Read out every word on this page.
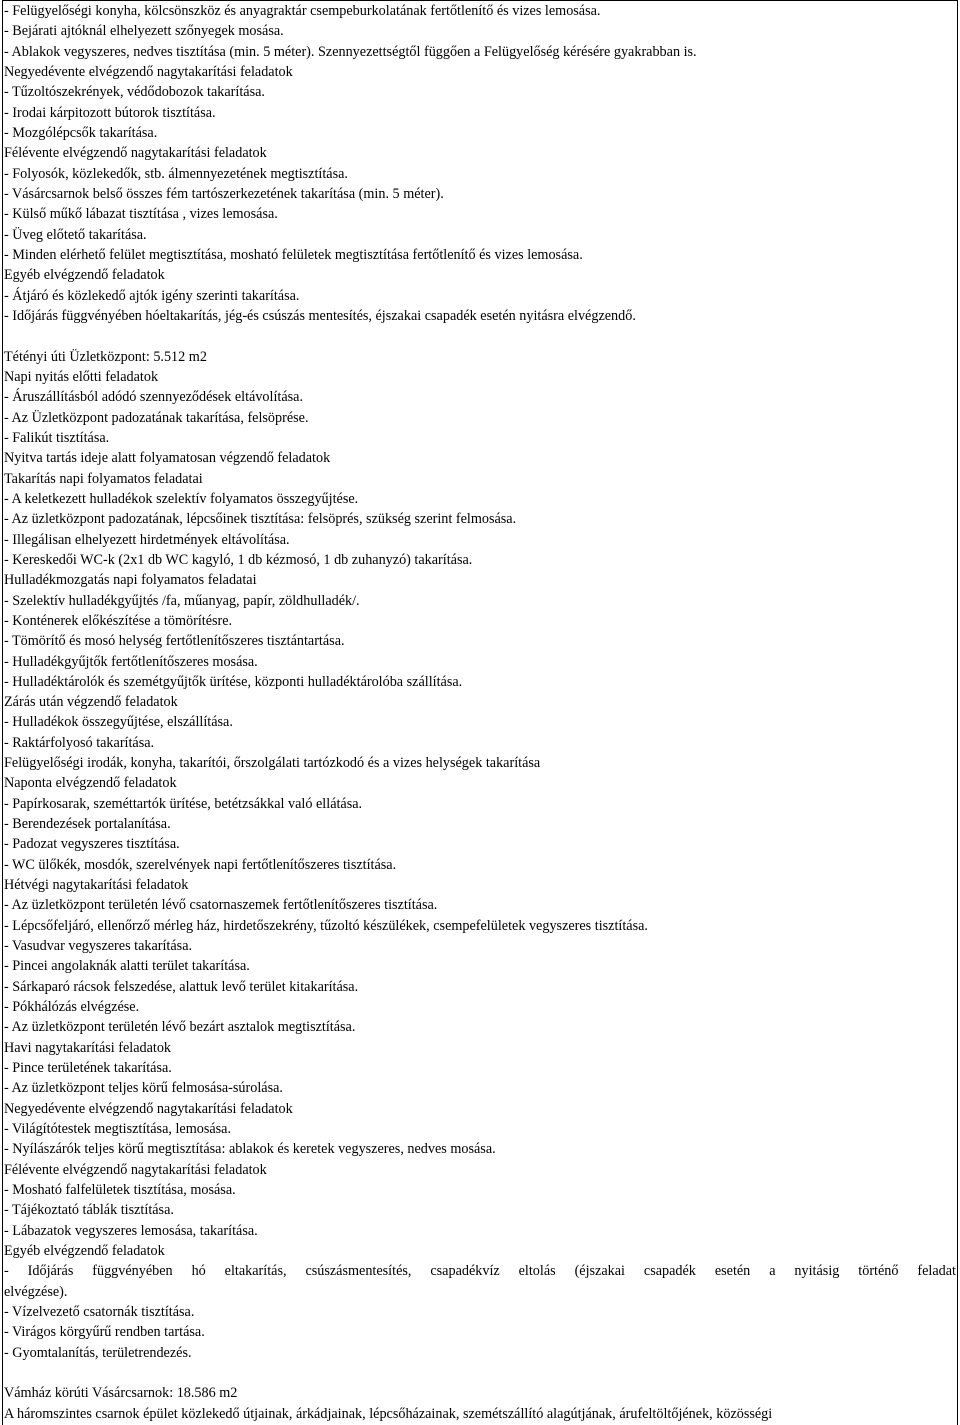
- Felügyelőségi konyha, kölcsönszköz és anyagraktár csempeburkolatának fertőtlenítő és vizes lemosása.
- Bejárati ajtóknál elhelyezett szőnyegek mosása.
- Ablakok vegyszeres, nedves tisztítása (min. 5 méter). Szennyezettségtől függően a Felügyelőség kérésére gyakrabban is.
Negyedévente elvégzendő nagytakarítási feladatok
- Tűzoltószekrények, védődobozok takarítása.
- Irodai kárpitozott bútorok tisztítása.
- Mozgólépcsők takarítása.
Félévente elvégzendő nagytakarítási feladatok
- Folyosók, közlekedők, stb. álmennyezetének megtisztítása.
- Vásárcsarnok belső összes fém tartószerkezetének takarítása (min. 5 méter).
- Külső műkő lábazat tisztítása , vizes lemosása.
- Üveg előtető takarítása.
- Minden elérhető felület megtisztítása, mosható felületek megtisztítása fertőtlenítő és vizes lemosása.
Egyéb elvégzendő feladatok
- Átjáró és közlekedő ajtók igény szerinti takarítása.
- Időjárás függvényében hóeltakarítás, jég-és csúszás mentesítés, éjszakai csapadék esetén nyitásra elvégzendő.
Tétényi úti Üzletközpont: 5.512 m2
Napi nyitás előtti feladatok
- Áruszállításból adódó szennyeződések eltávolítása.
- Az Üzletközpont padozatának takarítása, felsöprése.
- Falikút tisztítása.
Nyitva tartás ideje alatt folyamatosan végzendő feladatok
Takarítás napi folyamatos feladatai
- A keletkezett hulladékok szelektív folyamatos összegyűjtése.
- Az üzletközpont padozatának, lépcsőinek tisztítása: felsöprés, szükség szerint felmosása.
- Illegálisan elhelyezett hirdetmények eltávolítása.
- Kereskedői WC-k (2x1 db WC kagyló, 1 db kézmosó, 1 db zuhanyzó) takarítása.
Hulladékmozgatás napi folyamatos feladatai
- Szelektív hulladékgyűjtés /fa, műanyag, papír, zöldhulladék/.
- Konténerek előkészítése a tömörítésre.
- Tömörítő és mosó helység fertőtlenítőszeres tisztántartása.
- Hulladékgyűjtők fertőtlenítőszeres mosása.
- Hulladéktárolók és szemétgyűjtők ürítése, központi hulladéktárolóba szállítása.
Zárás után végzendő feladatok
- Hulladékok összegyűjtése, elszállítása.
- Raktárfolyosó takarítása.
Felügyelőségi irodák, konyha, takarítói, őrszolgálati tartózkodó és a vizes helységek takarítása
Naponta elvégzendő feladatok
- Papírkosarak, szeméttartók ürítése, betétzsákkal való ellátása.
- Berendezések portalanítása.
- Padozat vegyszeres tisztítása.
- WC ülőkék, mosdók, szerelvények napi fertőtlenítőszeres tisztítása.
Hétvégi nagytakarítási feladatok
- Az üzletközpont területén lévő csatornaszemek fertőtlenítőszeres tisztítása.
- Lépcsőfeljáró, ellenőrző mérleg ház, hirdetőszekrény, tűzoltó készülékek, csempefelületek vegyszeres tisztítása.
- Vasudvar vegyszeres takarítása.
- Pincei angolaknák alatti terület takarítása.
- Sárkaparó rácsok felszedése, alattuk levő terület kitakarítása.
- Pókhálózás elvégzése.
- Az üzletközpont területén lévő bezárt asztalok megtisztítása.
Havi nagytakarítási feladatok
- Pince területének takarítása.
- Az üzletközpont teljes körű felmosása-súrolása.
Negyedévente elvégzendő nagytakarítási feladatok
- Világítótestek megtisztítása, lemosása.
- Nyílászárók teljes körű megtisztítása: ablakok és keretek vegyszeres, nedves mosása.
Félévente elvégzendő nagytakarítási feladatok
- Mosható falfelületek tisztítása, mosása.
- Tájékoztató táblák tisztítása.
- Lábazatok vegyszeres lemosása, takarítása.
Egyéb elvégzendő feladatok
- Időjárás függvényében hó eltakarítás, csúszásmentesítés, csapadékvíz eltolás (éjszakai csapadék esetén a nyitásig történő feladat
elvégzése).
- Vízelvezető csatornák tisztítása.
- Virágos körgyűrű rendben tartása.
- Gyomtalanítás, területrendezés.
Vámház körúti Vásárcsarnok: 18.586 m2
A háromszintes csarnok épület közlekedő útjainak, árkádjainak, lépcsőházainak, szemétszállító alagútjának, árufeltöltőjének, közösségi
